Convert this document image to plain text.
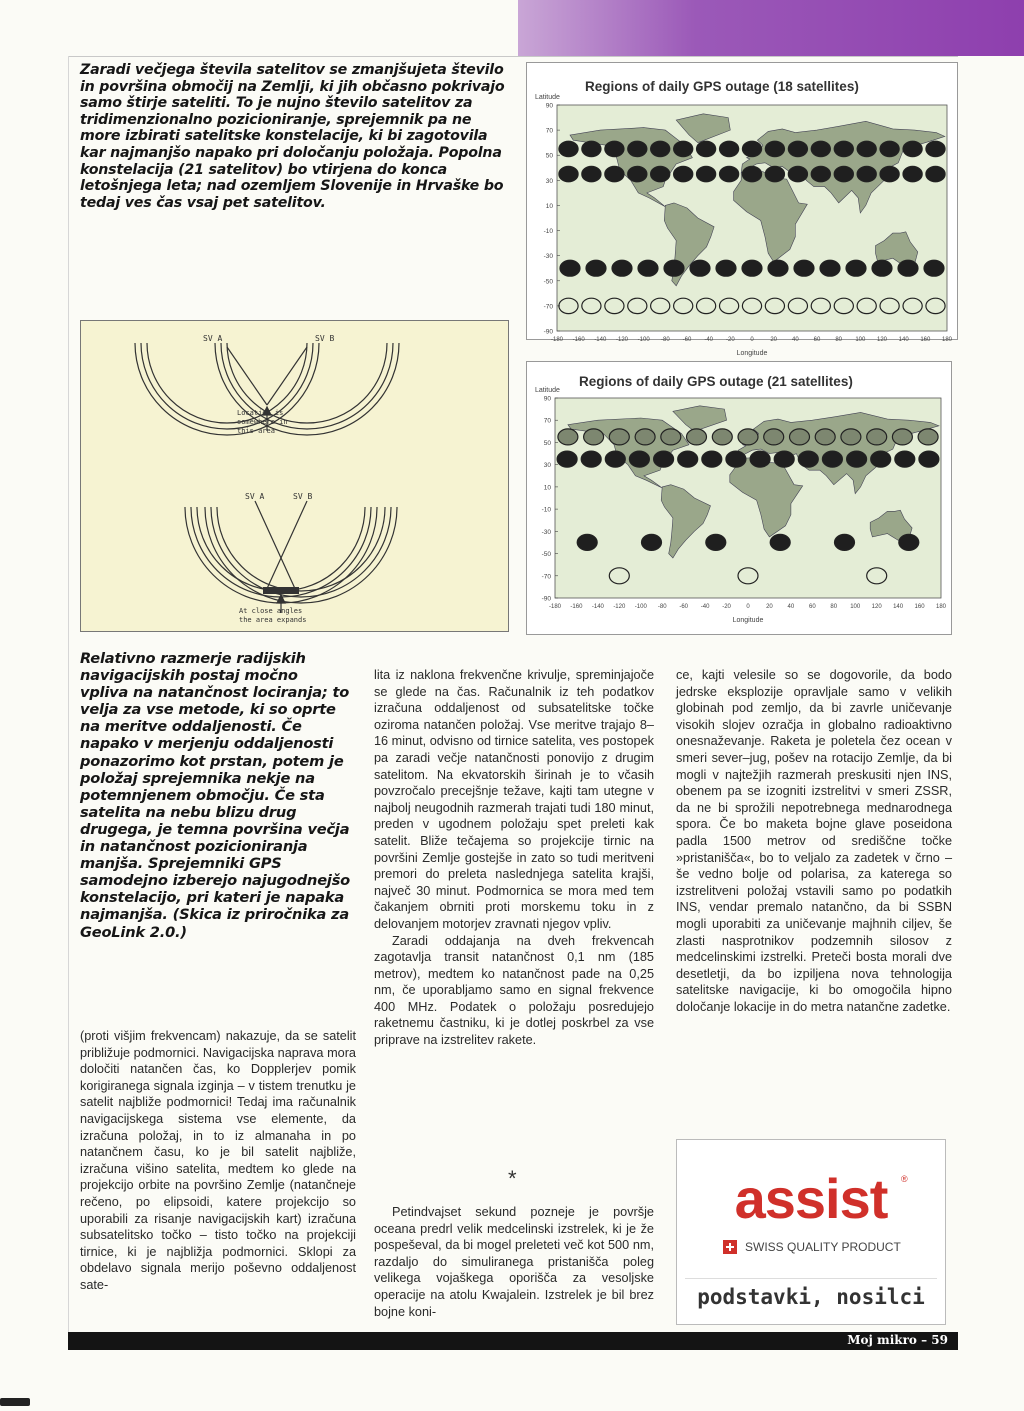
Zaradi večjega števila satelitov se zmanjšujeta število in površina območij na Zemlji, ki jih občasno pokrivajo samo štirje sateliti. To je nujno število satelitov za tridimenzionalno pozicioniranje, sprejemnik pa ne more izbirati satelitske konstelacije, ki bi zagotovila kar najmanjšo napako pri določanju položaja. Popolna konstelacija (21 satelitov) bo vtirjena do konca letošnjega leta; nad ozemljem Slovenije in Hrvaške bo tedaj ves čas vsaj pet satelitov.
Regions of daily GPS outage (18 satellites)
Latitude
Longitude
90
70
50
30
10
-10
-30
-50
-70
-90
-180 -160 -140 -120 -100 -80 -60 -40 -20	0	20 40 60 80 100 120 140 160 180
Regions of daily GPS outage (21 satellites)
Latitude
Longitude
90
70
50
30
10
-10
-30
-50
-70
-90
-180 -160 -140 -120 -100 -80 -60 -40 -20	0	20 40 60 80 100 120 140 160 180
SV A	SV B
Location is
somewhere in
this area
SV A	SV B
At close angles
the area expands
Relativno razmerje radijskih navigacijskih postaj močno vpliva na natančnost lociranja; to velja za vse metode, ki so oprte na meritve oddaljenosti. Če napako v merjenju oddaljenosti ponazorimo kot prstan, potem je položaj sprejemnika nekje na potemnjenem območju. Če sta satelita na nebu blizu drug drugega, je temna površina večja in natančnost pozicioniranja manjša. Sprejemniki GPS samodejno izberejo najugodnejšo konstelacijo, pri kateri je napaka najmanjša. (Skica iz priročnika za GeoLink 2.0.)

(proti višjim frekvencam) nakazuje, da se satelit približuje podmornici. Navigacijska naprava mora določiti natančen čas, ko Dopplerjev pomik korigiranega signala izginja – v tistem trenutku je satelit najbliže podmornici! Tedaj ima računalnik navigacijskega sistema vse elemente, da izračuna položaj, in to iz almanaha in po natančnem času, ko je bil satelit najbliže, izračuna višino satelita, medtem ko glede na projekcijo orbite na površino Zemlje (natančneje rečeno, po elipsoidi, katere projekcijo so uporabili za risanje navigacijskih kart) izračuna subsatelitsko točko – tisto točko na projekciji tirnice, ki je najbližja podmornici. Sklopi za obdelavo signala merijo poševno oddaljenost sate-

lita iz naklona frekvenčne krivulje, spreminjajoče se glede na čas. Računalnik iz teh podatkov izračuna oddaljenost od subsatelitske točke oziroma natančen položaj. Vse meritve trajajo 8–16 minut, odvisno od tirnice satelita, ves postopek pa zaradi večje natančnosti ponovijo z drugim satelitom. Na ekvatorskih širinah je to včasih povzročalo precejšnje težave, kajti tam utegne v najbolj neugodnih razmerah trajati tudi 180 minut, preden v ugodnem položaju spet preleti kak satelit. Bliže tečajema so projekcije tirnic na površini Zemlje gostejše in zato so tudi meritveni premori do preleta naslednjega satelita krajši, največ 30 minut. Podmornica se mora med tem čakanjem obrniti proti morskemu toku in z delovanjem motorjev zravnati njegov vpliv.

Zaradi oddajanja na dveh frekvencah zagotavlja transit natančnost 0,1 nm (185 metrov), medtem ko natančnost pade na 0,25 nm, če uporabljamo samo en signal frekvence 400 MHz. Podatek o položaju posredujejo raketnemu častniku, ki je dotlej poskrbel za vse priprave na izstrelitev rakete.

*

Petindvajset sekund pozneje je površje oceana predrl velik medcelinski izstrelek, ki je že pospeševal, da bi mogel preleteti več kot 500 nm, razdaljo do simuliranega pristanišča poleg velikega vojaškega oporišča za vesoljske operacije na atolu Kwajalein. Izstrelek je bil brez bojne koni-

ce, kajti velesile so se dogovorile, da bodo jedrske eksplozije opravljale samo v velikih globinah pod zemljo, da bi zavrle uničevanje visokih slojev ozračja in globalno radioaktivno onesnaževanje. Raketa je poletela čez ocean v smeri sever–jug, pošev na rotacijo Zemlje, da bi mogli v najtežjih razmerah preskusiti njen INS, obenem pa se izogniti izstrelitvi v smeri ZSSR, da ne bi sprožili nepotrebnega mednarodnega spora. Če bo maketa bojne glave poseidona padla 1500 metrov od središčne točke »pristanišča«, bo to veljalo za zadetek v črno – še vedno bolje od polarisa, za katerega so izstrelitveni položaj vstavili samo po podatkih INS, vendar premalo natančno, da bi SSBN mogli uporabiti za uničevanje majhnih ciljev, še zlasti nasprotnikov podzemnih silosov z medcelinskimi izstrelki. Preteči bosta morali dve desetletji, da bo izpiljena nova tehnologija satelitske navigacije, ki bo omogočila hipno določanje lokacije in do metra natančne zadetke.

assist	®
SWISS QUALITY PRODUCT
podstavki, nosilci
Moj mikro – 59
